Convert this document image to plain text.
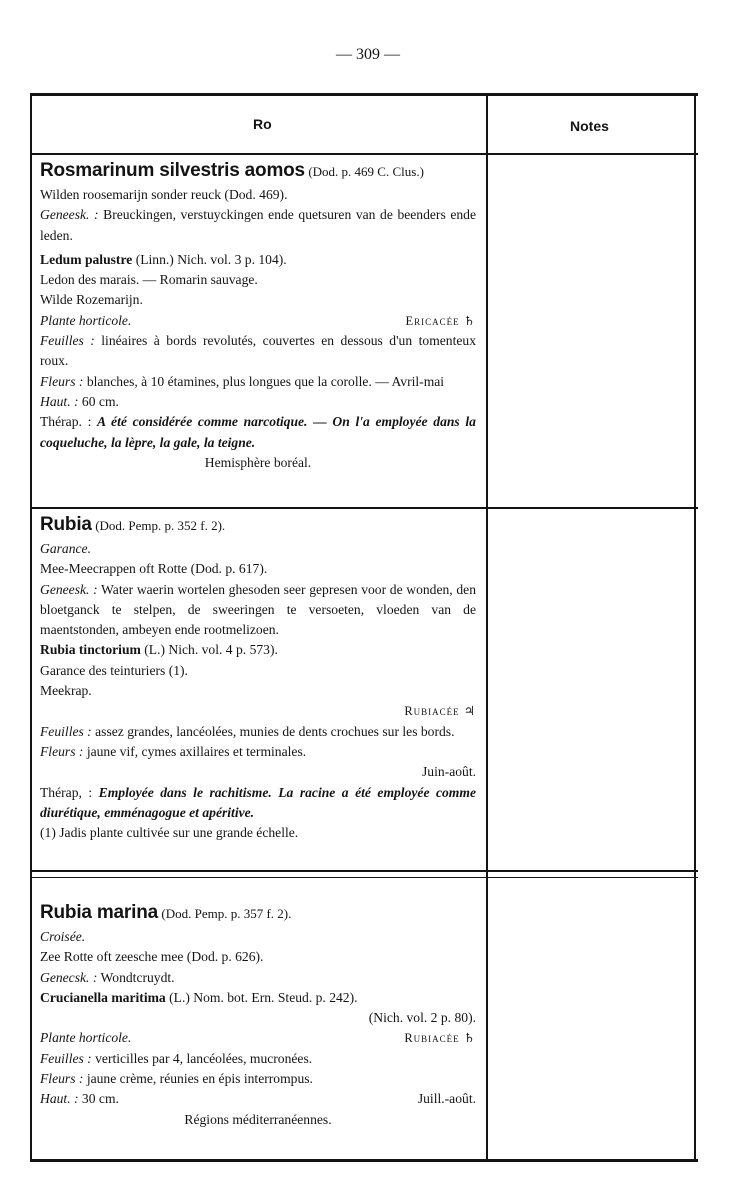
— 309 —
Ro	Notes
Rosmarinum silvestris aomos (Dod. p. 469 C. Clus.)
Wilden roosemarijn sonder reuck (Dod. 469).
Geneesk. : Breuckingen, verstuyckingen ende quetsuren van de beenders ende leden.
Ledum palustre (Linn.) Nich. vol. 3 p. 104).
Ledon des marais. — Romarin sauvage.
Wilde Rozemarijn.
Plante horticole.	Ericacée ♄
Feuilles : linéaires à bords revolutés, couvertes en dessous d'un tomenteux roux.
Fleurs : blanches, à 10 étamines, plus longues que la corolle. — Avril-mai
Haut. : 60 cm.
Thérap. : A été considérée comme narcotique. — On l'a employée dans la coqueluche, la lèpre, la gale, la teigne.
Hemisphère boréal.
Rubia (Dod. Pemp. p. 352 f. 2).
Garance.
Mee-Meecrappen oft Rotte (Dod. p. 617).
Geneesk. : Water waerin wortelen ghesoden seer gepresen voor de wonden, den bloetganck te stelpen, de sweeringen te versoeten, vloeden van de maentstonden, ambeyen ende rootmelizoen.
Rubia tinctorium (L.) Nich. vol. 4 p. 573).
Garance des teinturiers (1).
Meekrap.
Rubiacée ♃
Feuilles : assez grandes, lancéolées, munies de dents crochues sur les bords.
Fleurs : jaune vif, cymes axillaires et terminales.
Juin-août.
Thérap, : Employée dans le rachitisme. La racine a été employée comme diurétique, emménagogue et apéritive.
(1) Jadis plante cultivée sur une grande échelle.
Rubia marina (Dod. Pemp. p. 357 f. 2).
Croisée.
Zee Rotte oft zeesche mee (Dod. p. 626).
Genecsk. : Wondtcruydt.
Crucianella maritima (L.) Nom. bot. Ern. Steud. p. 242).
(Nich. vol. 2 p. 80).
Plante horticole.	Rubiacée ♄
Feuilles : verticilles par 4, lancéolées, mucronées.
Fleurs : jaune crème, réunies en épis interrompus.
Haut. : 30 cm.	Juill.-août.
Régions méditerranéennes.
